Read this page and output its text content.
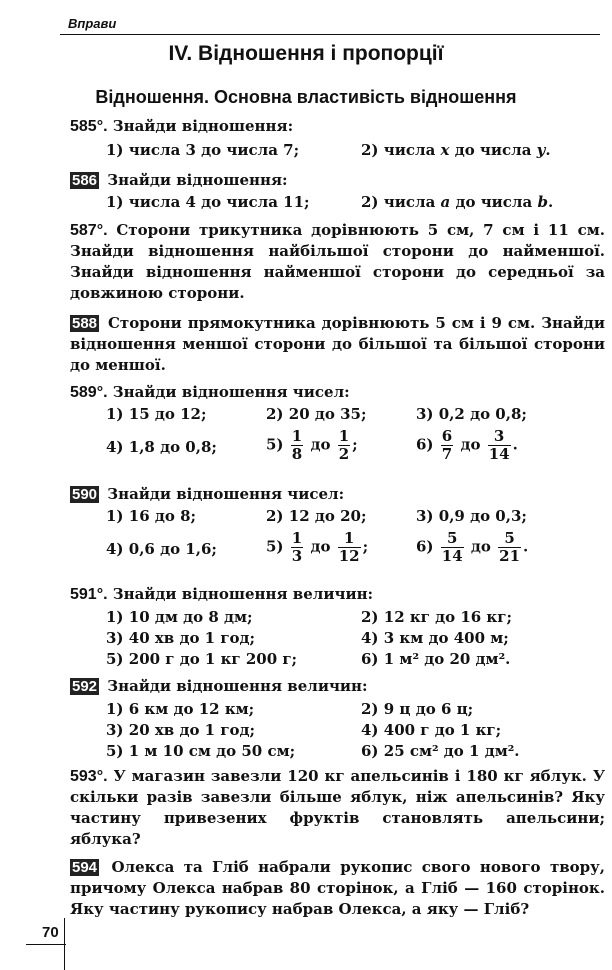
Вправи
IV. Відношення і пропорції
Відношення. Основна властивість відношення
585°. Знайди відношення:
1) числа 3 до числа 7;	2) числа x до числа y.
586 Знайди відношення:
1) числа 4 до числа 11;	2) числа a до числа b.
587°. Сторони трикутника дорівнюють 5 см, 7 см і 11 см. Знайди відношення найбільшої сторони до найменшої. Знайди відношення найменшої сторони до середньої за довжиною сторони.
588 Сторони прямокутника дорівнюють 5 см і 9 см. Знайди відношення меншої сторони до більшої та більшої сторони до меншої.
589°. Знайди відношення чисел:
1) 15 до 12;	2) 20 до 35;	3) 0,2 до 0,8;
4) 1,8 до 0,8;	$5) \frac{1}{8}$ до $\frac{1}{2}$ ;	$6) \frac{6}{7}$ до $\frac{3}{14}$ .
590 Знайди відношення чисел:
1) 16 до 8;	2) 12 до 20;	3) 0,9 до 0,3;
4) 0,6 до 1,6;	$5) \frac{1}{3}$ до $\frac{1}{12}$ ;	$6) \frac{5}{14}$ до $\frac{5}{21}$ .
591°. Знайди відношення величин:
1) 10 дм до 8 дм;	2) 12 кг до 16 кг;
3) 40 хв до 1 год;	4) 3 км до 400 м;
5) 200 г до 1 кг 200 г;	6) 1 м² до 20 дм².
592 Знайди відношення величин:
1) 6 км до 12 км;	2) 9 ц до 6 ц;
3) 20 хв до 1 год;	4) 400 г до 1 кг;
5) 1 м 10 см до 50 см;	6) 25 см² до 1 дм².
593°. У магазин завезли 120 кг апельсинів і 180 кг яблук. У скільки разів завезли більше яблук, ніж апельсинів? Яку частину привезених фруктів становлять апельсини; яблука?
594 Олекса та Гліб набрали рукопис свого нового твору, причому Олекса набрав 80 сторінок, а Гліб — 160 сторінок. Яку частину рукопису набрав Олекса, а яку — Гліб?
70
